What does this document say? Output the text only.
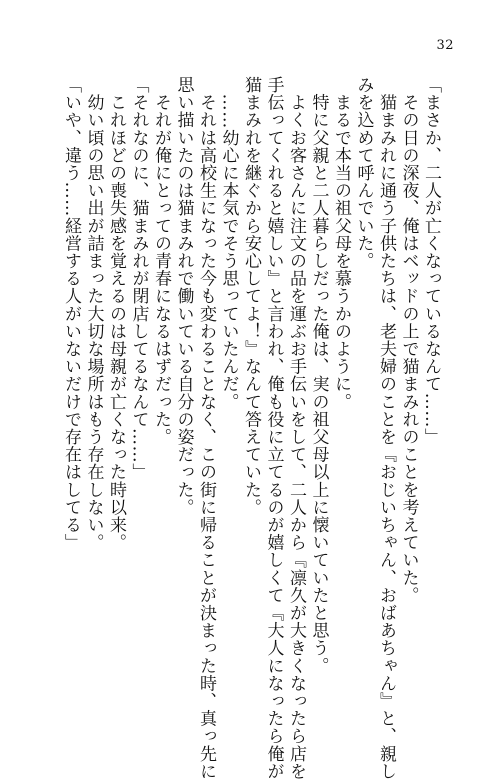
32
「まさか、二人が亡くなっているなんて……」
　その日の深夜、俺はベッドの上で猫まみれのことを考えていた。
　猫まみれに通う子供たちは、老夫婦のことを『おじいちゃん、おばあちゃん』と、親し
みを込めて呼んでいた。
　まるで本当の祖父母を慕うかのように。
　特に父親と二人暮らしだった俺は、実の祖父母以上に懐いていたと思う。
　よくお客さんに注文の品を運ぶお手伝いをして、二人から『凛久が大きくなったら店を
手伝ってくれると嬉しい』と言われ、俺も役に立てるのが嬉しくて『大人になったら俺が
猫まみれを継ぐから安心してよ！』なんて答えていた。
　……幼心に本気でそう思っていたんだ。
　それは高校生になった今も変わることなく、この街に帰ることが決まった時、真っ先に
思い描いたのは猫まみれで働いている自分の姿だった。
　それが俺にとっての青春になるはずだった。
「それなのに、猫まみれが閉店してるなんて……」
　これほどの喪失感を覚えるのは母親が亡くなった時以来。
　幼い頃の思い出が詰まった大切な場所はもう存在しない。
「いや、違う……経営する人がいないだけで存在はしてる」
